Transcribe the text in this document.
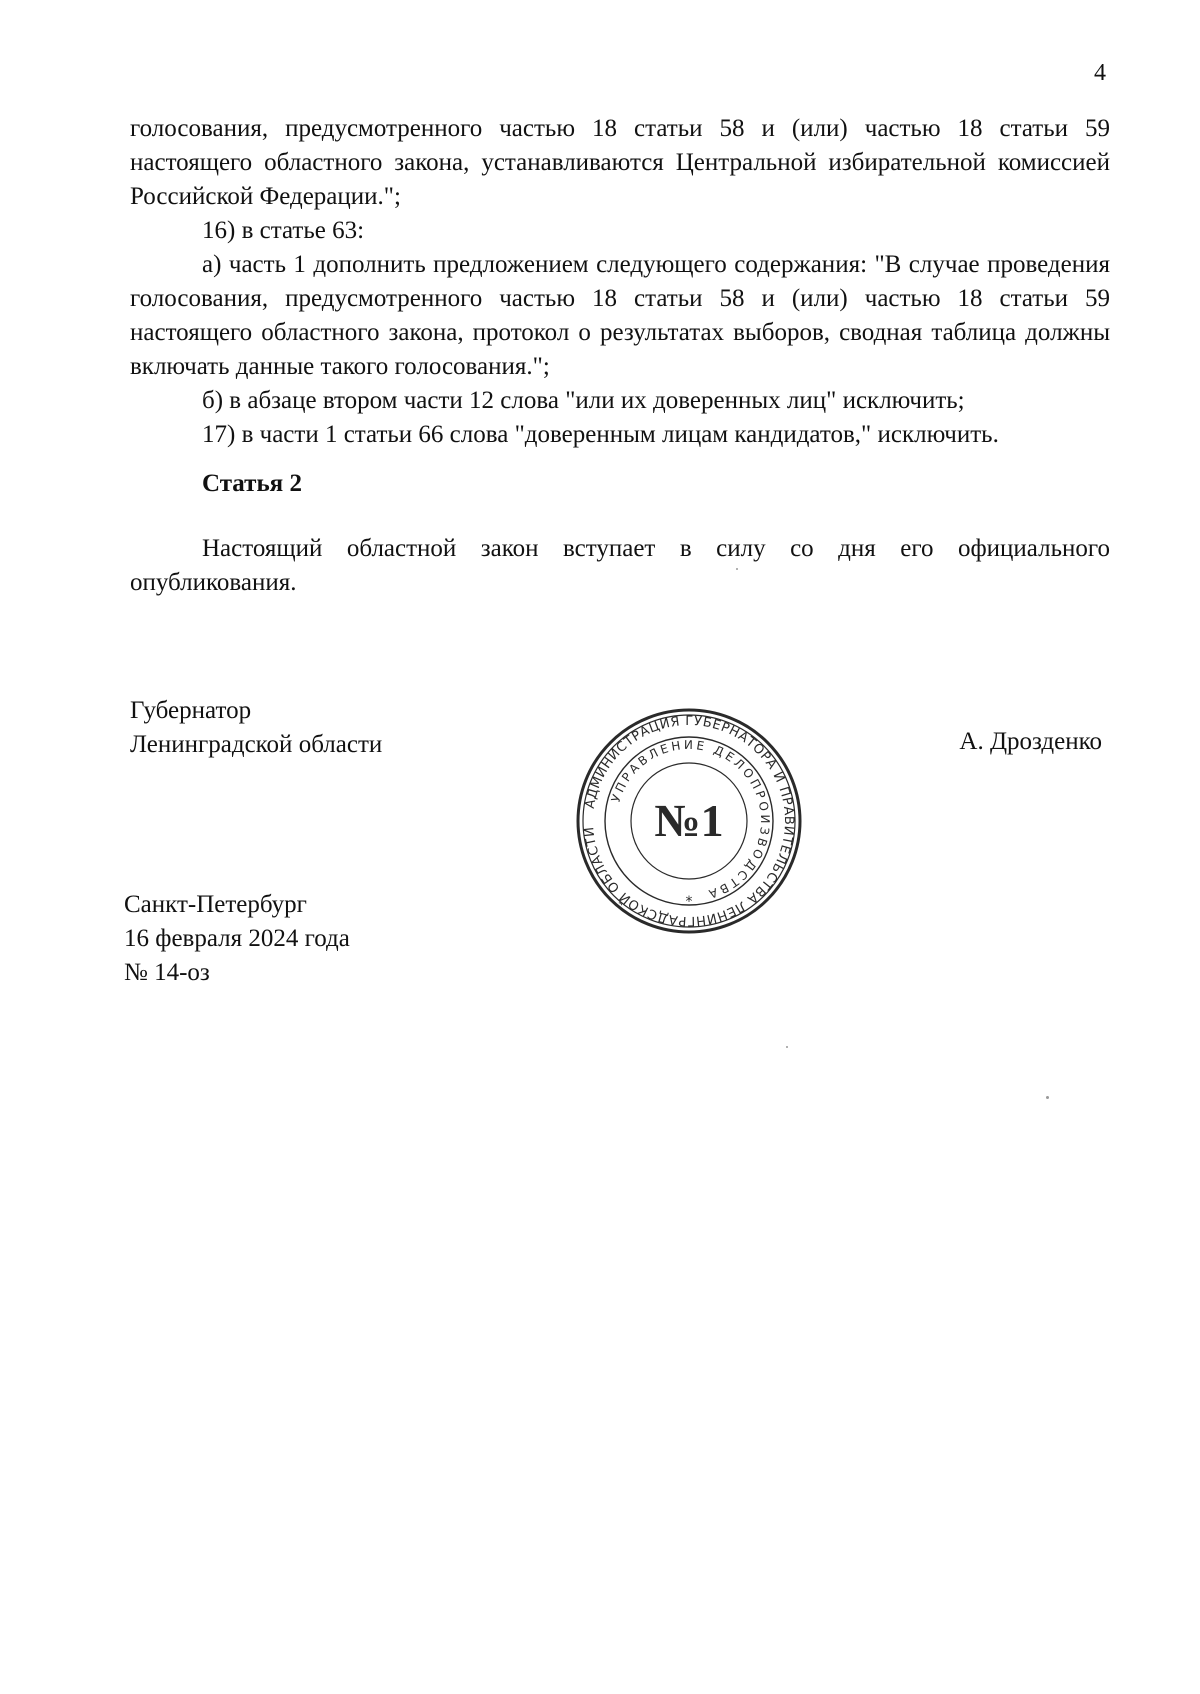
4

голосования, предусмотренного частью 18 статьи 58 и (или) частью 18 статьи 59 настоящего областного закона, устанавливаются Центральной избирательной комиссией Российской Федерации.";

16) в статье 63:

а) часть 1 дополнить предложением следующего содержания: "В случае проведения голосования, предусмотренного частью 18 статьи 58 и (или) частью 18 статьи 59 настоящего областного закона, протокол о результатах выборов, сводная таблица должны включать данные такого голосования.";

б) в абзаце втором части 12 слова "или их доверенных лиц" исключить;

17) в части 1 статьи 66 слова "доверенным лицам кандидатов," исключить.

Статья 2

Настоящий областной закон вступает в силу со дня его официального опубликования.

Губернатор
Ленинградской области	А. Дрозденко
АДМИНИСТРАЦИЯ ГУБЕРНАТОРА И ПРАВИТЕЛЬСТВА ЛЕНИНГРАДСКОЙ ОБЛАСТИ
УПРАВЛЕНИЕ ДЕЛОПРОИЗВОДСТВА
№1
*
Санкт-Петербург
16 февраля 2024 года
№ 14-оз
